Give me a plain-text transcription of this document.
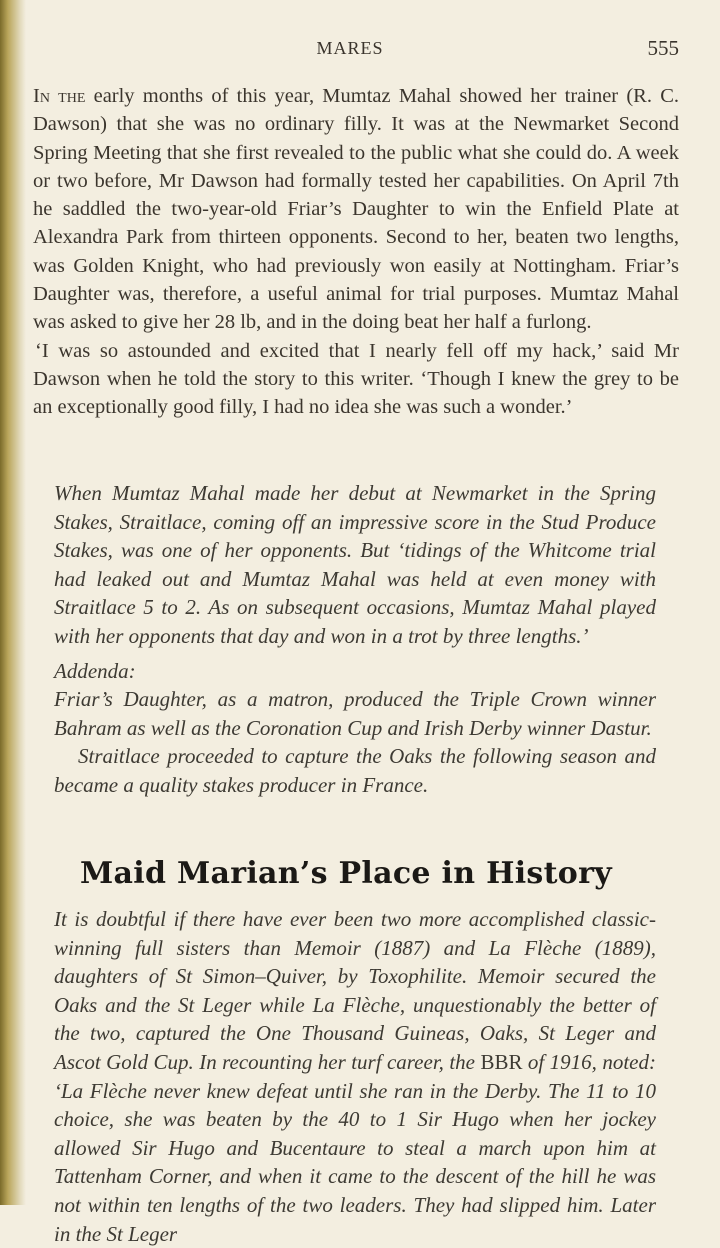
MARES	555

In the early months of this year, Mumtaz Mahal showed her trainer (R. C. Dawson) that she was no ordinary filly. It was at the Newmarket Second Spring Meeting that she first revealed to the public what she could do. A week or two before, Mr Dawson had formally tested her capabilities. On April 7th he saddled the two-year-old Friar’s Daughter to win the Enfield Plate at Alexandra Park from thirteen opponents. Second to her, beaten two lengths, was Golden Knight, who had previously won easily at Nottingham. Friar’s Daughter was, therefore, a useful animal for trial purposes. Mumtaz Mahal was asked to give her 28 lb, and in the doing beat her half a furlong.

‘I was so astounded and excited that I nearly fell off my hack,’ said Mr Dawson when he told the story to this writer. ‘Though I knew the grey to be an exceptionally good filly, I had no idea she was such a wonder.’

When Mumtaz Mahal made her debut at Newmarket in the Spring Stakes, Straitlace, coming off an impressive score in the Stud Produce Stakes, was one of her opponents. But ‘tidings of the Whitcome trial had leaked out and Mumtaz Mahal was held at even money with Straitlace 5 to 2. As on subsequent occasions, Mumtaz Mahal played with her opponents that day and won in a trot by three lengths.’

Addenda:

Friar’s Daughter, as a matron, produced the Triple Crown winner Bahram as well as the Coronation Cup and Irish Derby winner Dastur.

Straitlace proceeded to capture the Oaks the following season and became a quality stakes producer in France.

Maid Marian’s Place in History

It is doubtful if there have ever been two more accomplished classic-winning full sisters than Memoir (1887) and La Flèche (1889), daughters of St Simon–Quiver, by Toxophilite. Memoir secured the Oaks and the St Leger while La Flèche, unquestionably the better of the two, captured the One Thousand Guineas, Oaks, St Leger and Ascot Gold Cup. In recounting her turf career, the BBR of 1916, noted: ‘La Flèche never knew defeat until she ran in the Derby. The 11 to 10 choice, she was beaten by the 40 to 1 Sir Hugo when her jockey allowed Sir Hugo and Bucentaure to steal a march upon him at Tattenham Corner, and when it came to the descent of the hill he was not within ten lengths of the two leaders. They had slipped him. Later in the St Leger
